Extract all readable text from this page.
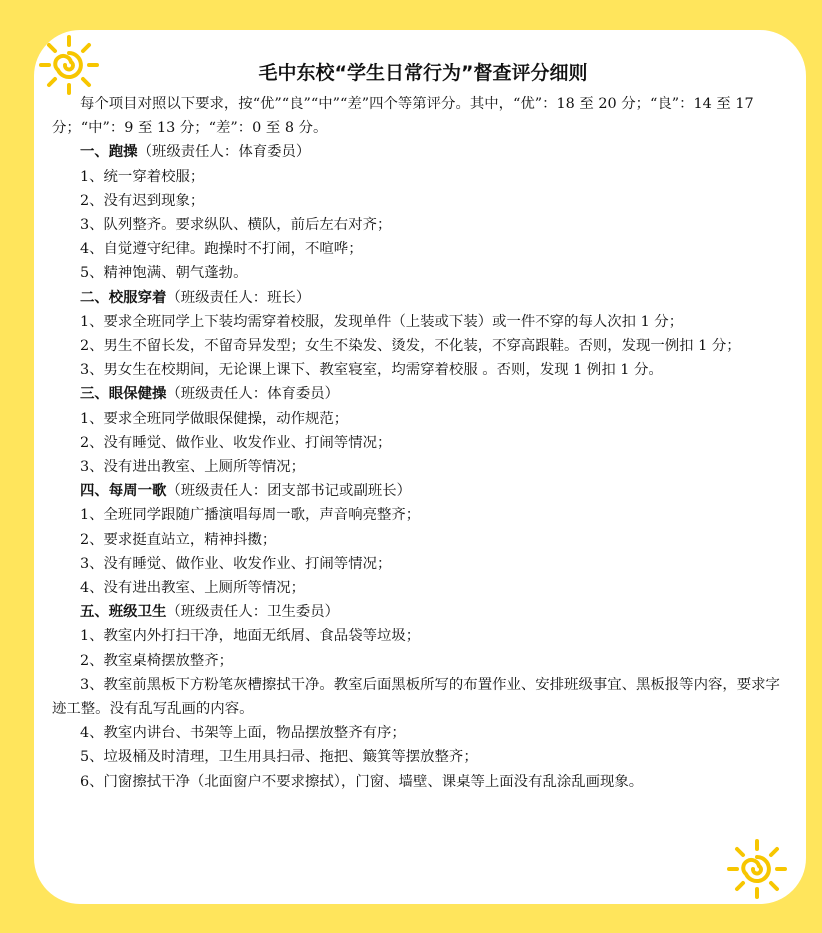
毛中东校“学生日常行为”督查评分细则

每个项目对照以下要求，按“优”“良”“中”“差”四个等第评分。其中，“优”：18 至 20 分；“良”：14 至 17 分；“中”：9 至 13 分；“差”：0 至 8 分。

一、跑操（班级责任人：体育委员）

1、统一穿着校服；
2、没有迟到现象；
3、队列整齐。要求纵队、横队，前后左右对齐；
4、自觉遵守纪律。跑操时不打闹，不喧哗；
5、精神饱满、朝气蓬勃。

二、校服穿着（班级责任人：班长）

1、要求全班同学上下装均需穿着校服，发现单件（上装或下装）或一件不穿的每人次扣 1 分；
2、男生不留长发，不留奇异发型；女生不染发、烫发，不化装，不穿高跟鞋。否则，发现一例扣 1 分；
3、男女生在校期间，无论课上课下、教室寝室，均需穿着校服 。否则，发现 1 例扣 1 分。

三、眼保健操（班级责任人：体育委员）

1、要求全班同学做眼保健操，动作规范；
2、没有睡觉、做作业、收发作业、打闹等情况；
3、没有进出教室、上厕所等情况；

四、每周一歌（班级责任人：团支部书记或副班长）

1、全班同学跟随广播演唱每周一歌，声音响亮整齐；
2、要求挺直站立，精神抖擞；
3、没有睡觉、做作业、收发作业、打闹等情况；
4、没有进出教室、上厕所等情况；

五、班级卫生（班级责任人：卫生委员）

1、教室内外打扫干净，地面无纸屑、食品袋等垃圾；
2、教室桌椅摆放整齐；
3、教室前黑板下方粉笔灰槽擦拭干净。教室后面黑板所写的布置作业、安排班级事宜、黑板报等内容，要求字迹工整。没有乱写乱画的内容。
4、教室内讲台、书架等上面，物品摆放整齐有序；
5、垃圾桶及时清理，卫生用具扫帚、拖把、簸箕等摆放整齐；
6、门窗擦拭干净（北面窗户不要求擦拭），门窗、墙壁、课桌等上面没有乱涂乱画现象。
